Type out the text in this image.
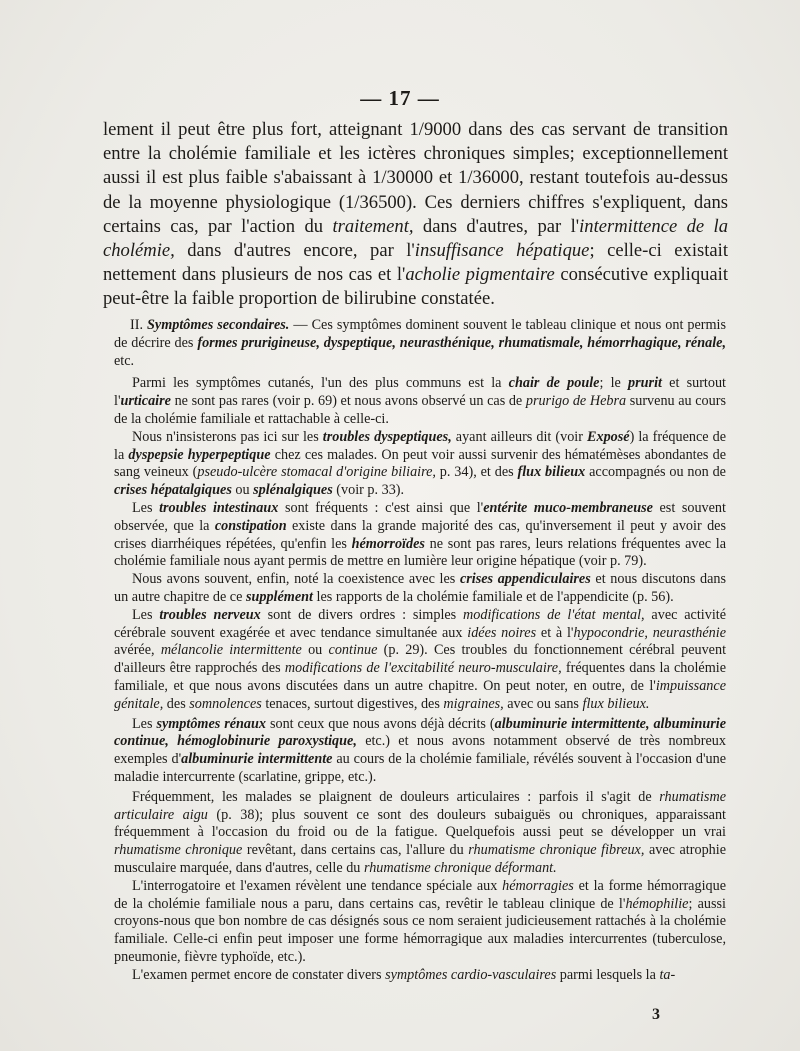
— 17 —

lement il peut être plus fort, atteignant 1/9000 dans des cas servant de transition entre la cholémie familiale et les ictères chroniques simples; exceptionnellement aussi il est plus faible s'abaissant à 1/30000 et 1/36000, restant toutefois au-dessus de la moyenne physiologique (1/36500). Ces derniers chiffres s'expliquent, dans certains cas, par l'action du traitement, dans d'autres, par l'intermittence de la cholémie, dans d'autres encore, par l'insuffisance hépatique; celle-ci existait nettement dans plusieurs de nos cas et l'acholie pigmentaire consécutive expliquait peut-être la faible proportion de bilirubine constatée.

II. Symptômes secondaires. — Ces symptômes dominent souvent le tableau clinique et nous ont permis de décrire des formes prurigineuse, dyspeptique, neurasthénique, rhumatismale, hémorrhagique, rénale, etc.

Parmi les symptômes cutanés, l'un des plus communs est la chair de poule; le prurit et surtout l'urticaire ne sont pas rares (voir p. 69) et nous avons observé un cas de prurigo de Hebra survenu au cours de la cholémie familiale et rattachable à celle-ci.

Nous n'insisterons pas ici sur les troubles dyspeptiques, ayant ailleurs dit (voir Exposé) la fréquence de la dyspepsie hyperpeptique chez ces malades. On peut voir aussi survenir des hématémèses abondantes de sang veineux (pseudo-ulcère stomacal d'origine biliaire, p. 34), et des flux bilieux accompagnés ou non de crises hépatalgiques ou splénalgiques (voir p. 33).

Les troubles intestinaux sont fréquents : c'est ainsi que l'entérite muco-membraneuse est souvent observée, que la constipation existe dans la grande majorité des cas, qu'inversement il peut y avoir des crises diarrhéiques répétées, qu'enfin les hémorroïdes ne sont pas rares, leurs relations fréquentes avec la cholémie familiale nous ayant permis de mettre en lumière leur origine hépatique (voir p. 79).

Nous avons souvent, enfin, noté la coexistence avec les crises appendiculaires et nous discutons dans un autre chapitre de ce supplément les rapports de la cholémie familiale et de l'appendicite (p. 56).

Les troubles nerveux sont de divers ordres : simples modifications de l'état mental, avec activité cérébrale souvent exagérée et avec tendance simultanée aux idées noires et à l'hypocondrie, neurasthénie avérée, mélancolie intermittente ou continue (p. 29). Ces troubles du fonctionnement cérébral peuvent d'ailleurs être rapprochés des modifications de l'excitabilité neuro-musculaire, fréquentes dans la cholémie familiale, et que nous avons discutées dans un autre chapitre. On peut noter, en outre, de l'impuissance génitale, des somnolences tenaces, surtout digestives, des migraines, avec ou sans flux bilieux.

Les symptômes rénaux sont ceux que nous avons déjà décrits (albuminurie intermittente, albuminurie continue, hémoglobinurie paroxystique, etc.) et nous avons notamment observé de très nombreux exemples d'albuminurie intermittente au cours de la cholémie familiale, révélés souvent à l'occasion d'une maladie intercurrente (scarlatine, grippe, etc.).

Fréquemment, les malades se plaignent de douleurs articulaires : parfois il s'agit de rhumatisme articulaire aigu (p. 38); plus souvent ce sont des douleurs subaiguës ou chroniques, apparaissant fréquemment à l'occasion du froid ou de la fatigue. Quelquefois aussi peut se développer un vrai rhumatisme chronique revêtant, dans certains cas, l'allure du rhumatisme chronique fibreux, avec atrophie musculaire marquée, dans d'autres, celle du rhumatisme chronique déformant.

L'interrogatoire et l'examen révèlent une tendance spéciale aux hémorragies et la forme hémorragique de la cholémie familiale nous a paru, dans certains cas, revêtir le tableau clinique de l'hémophilie; aussi croyons-nous que bon nombre de cas désignés sous ce nom seraient judicieusement rattachés à la cholémie familiale. Celle-ci enfin peut imposer une forme hémorragique aux maladies intercurrentes (tuberculose, pneumonie, fièvre typhoïde, etc.).

L'examen permet encore de constater divers symptômes cardio-vasculaires parmi lesquels la ta-

3
